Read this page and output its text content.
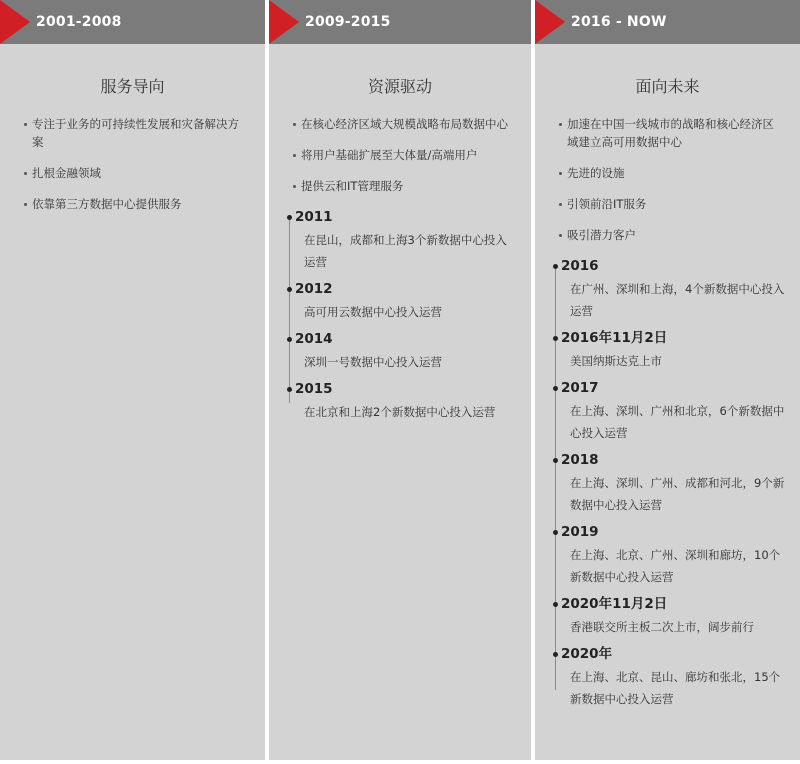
2001-2008
服务导向
专注于业务的可持续性发展和灾备解决方案
扎根金融领域
依靠第三方数据中心提供服务
2009-2015
资源驱动
在核心经济区域大规模战略布局数据中心
将用户基础扩展至大体量/高端用户
提供云和IT管理服务
2011
在昆山，成都和上海3个新数据中心投入运营
2012
高可用云数据中心投入运营
2014
深圳一号数据中心投入运营
2015
在北京和上海2个新数据中心投入运营
2016 - NOW
面向未来
加速在中国一线城市的战略和核心经济区域建立高可用数据中心
先进的设施
引领前沿IT服务
吸引潜力客户
2016
在广州、深圳和上海，4个新数据中心投入运营
2016年11月2日
美国纳斯达克上市
2017
在上海、深圳、广州和北京，6个新数据中心投入运营
2018
在上海、深圳、广州、成都和河北，9个新数据中心投入运营
2019
在上海、北京、广州、深圳和廊坊，10个新数据中心投入运营
2020年11月2日
香港联交所主板二次上市，阔步前行
2020年
在上海、北京、昆山、廊坊和张北，15个新数据中心投入运营
